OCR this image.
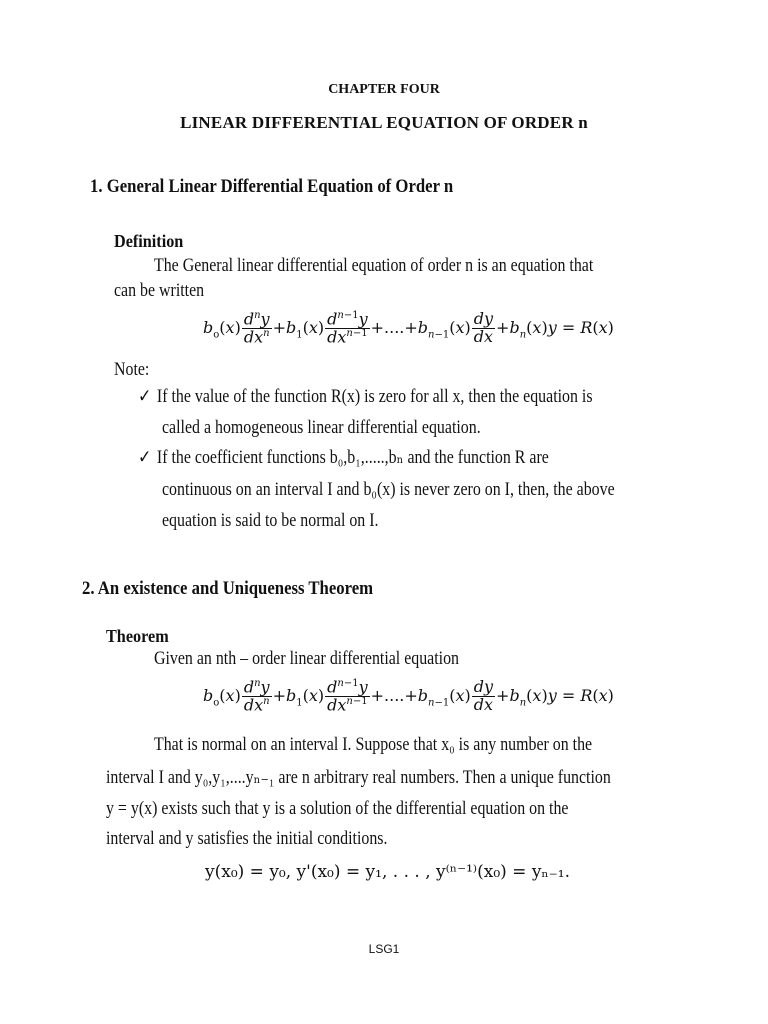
CHAPTER FOUR
LINEAR DIFFERENTIAL EQUATION OF ORDER n
1. General Linear Differential Equation of Order n
Definition
The General linear differential equation of order n is an equation that
can be written
$b_o(x) \frac{d^ny}{dx^n} +b_1(x) \frac{d^{n-1}y}{dx^{n-1}} +....+b_{n-1}(x) \frac{dy}{dx} +b_n(x)y = R(x)$
Note:
✓ If the value of the function R(x) is zero for all x, then the equation is
called a homogeneous linear differential equation.
✓ If the coefficient functions b₀,b₁,.....,bₙ and the function R are
continuous on an interval I and b₀(x) is never zero on I, then, the above
equation is said to be normal on I.
2. An existence and Uniqueness Theorem
Theorem
Given an nth – order linear differential equation
$b_o(x) \frac{d^ny}{dx^n} +b_1(x) \frac{d^{n-1}y}{dx^{n-1}} +....+b_{n-1}(x) \frac{dy}{dx} +b_n(x)y = R(x)$
That is normal on an interval I. Suppose that x₀ is any number on the
interval I and y₀,y₁,....yₙ₋₁ are n arbitrary real numbers. Then a unique function
y = y(x) exists such that y is a solution of the differential equation on the
interval and y satisfies the initial conditions.
y(x₀) = y₀, y'(x₀) = y₁, . . . , y⁽ⁿ⁻¹⁾(x₀) = yₙ₋₁.
LSG1
